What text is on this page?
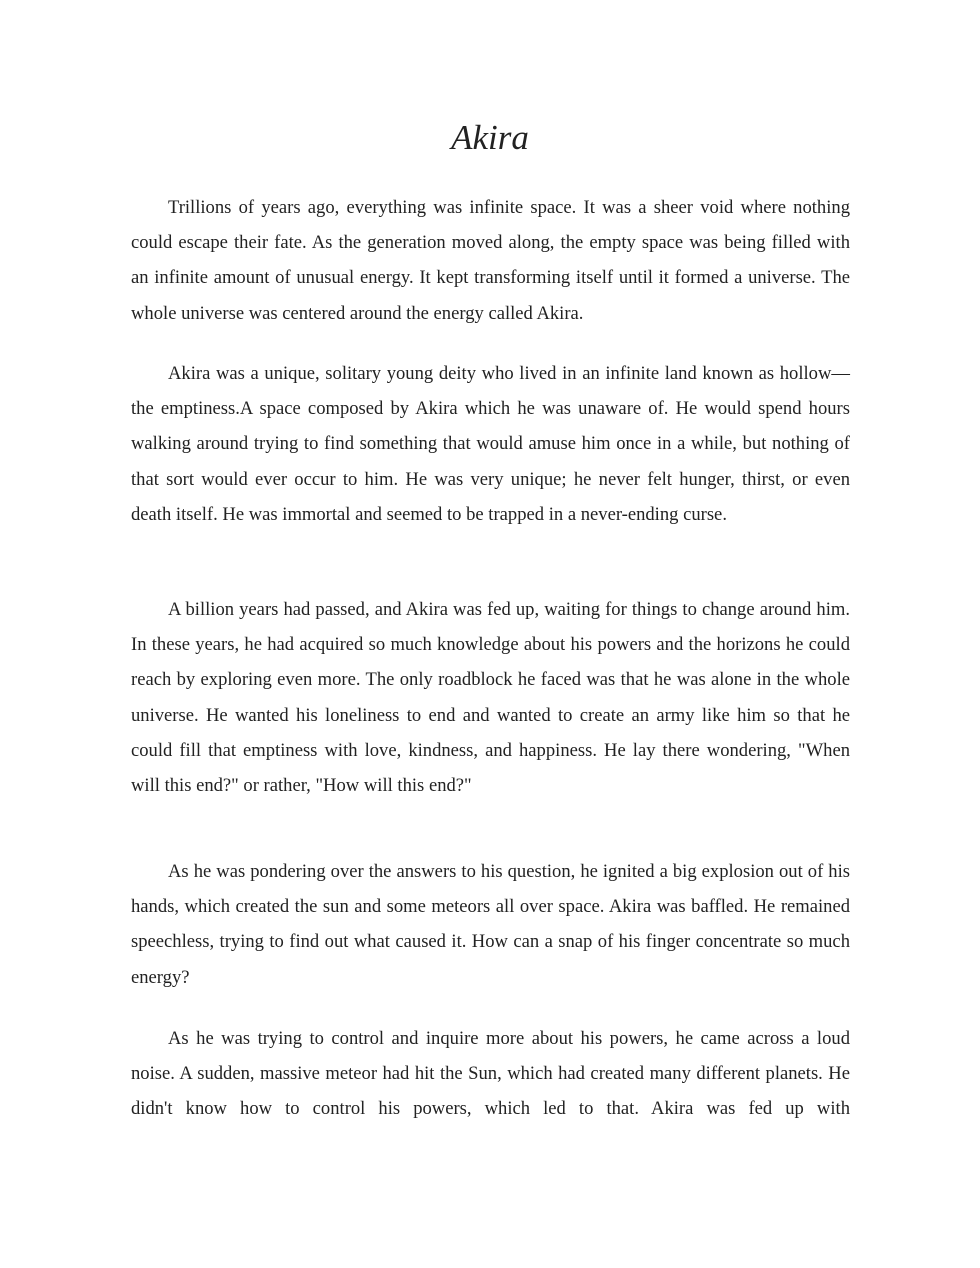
Akira

Trillions of years ago, everything was infinite space. It was a sheer void where nothing could escape their fate. As the generation moved along, the empty space was being filled with an infinite amount of unusual energy. It kept transforming itself until it formed a universe. The whole universe was centered around the energy called Akira.

Akira was a unique, solitary young deity who lived in an infinite land known as hollow—the emptiness.A space composed by Akira which he was unaware of. He would spend hours walking around trying to find something that would amuse him once in a while, but nothing of that sort would ever occur to him. He was very unique; he never felt hunger, thirst, or even death itself. He was immortal and seemed to be trapped in a never-ending curse.

A billion years had passed, and Akira was fed up, waiting for things to change around him. In these years, he had acquired so much knowledge about his powers and the horizons he could reach by exploring even more. The only roadblock he faced was that he was alone in the whole universe. He wanted his loneliness to end and wanted to create an army like him so that he could fill that emptiness with love, kindness, and happiness. He lay there wondering, "When will this end?" or rather, "How will this end?"

As he was pondering over the answers to his question, he ignited a big explosion out of his hands, which created the sun and some meteors all over space. Akira was baffled. He remained speechless, trying to find out what caused it. How can a snap of his finger concentrate so much energy?

As he was trying to control and inquire more about his powers, he came across a loud noise. A sudden, massive meteor had hit the Sun, which had created many different planets. He didn't know how to control his powers, which led to that. Akira was fed up with
